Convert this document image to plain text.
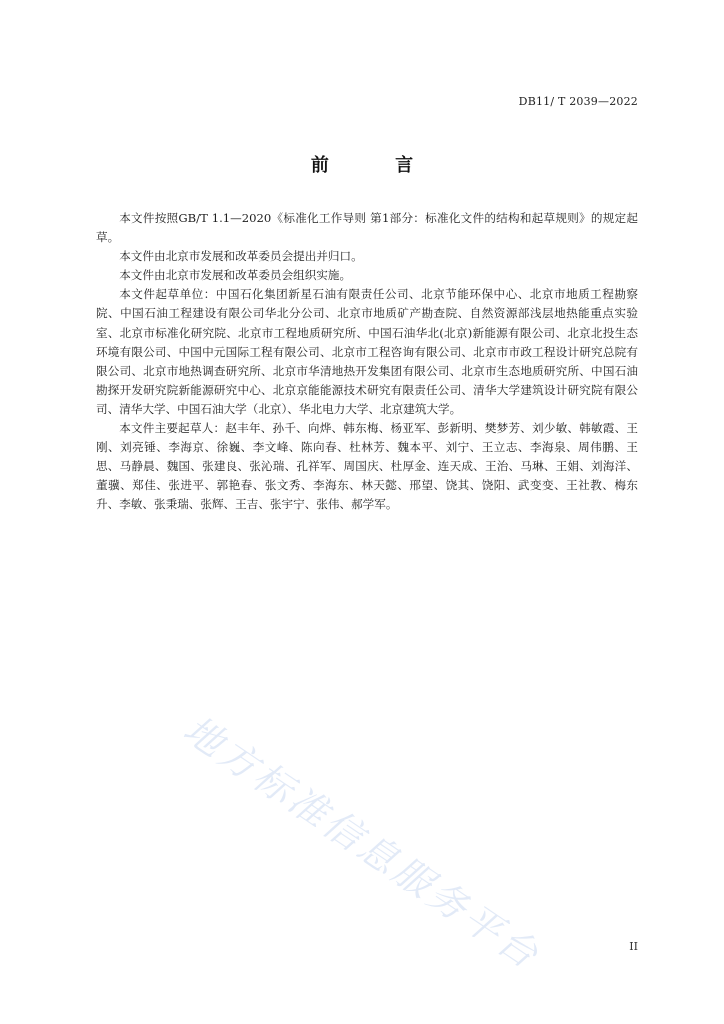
DB11/ T 2039—2022
前 言

本文件按照GB/T 1.1—2020《标准化工作导则 第1部分：标准化文件的结构和起草规则》的规定起草。

本文件由北京市发展和改革委员会提出并归口。

本文件由北京市发展和改革委员会组织实施。

本文件起草单位：中国石化集团新星石油有限责任公司、北京节能环保中心、北京市地质工程勘察院、中国石油工程建设有限公司华北分公司、北京市地质矿产勘查院、自然资源部浅层地热能重点实验室、北京市标准化研究院、北京市工程地质研究所、中国石油华北(北京)新能源有限公司、北京北投生态环境有限公司、中国中元国际工程有限公司、北京市工程咨询有限公司、北京市市政工程设计研究总院有限公司、北京市地热调查研究所、北京市华清地热开发集团有限公司、北京市生态地质研究所、中国石油勘探开发研究院新能源研究中心、北京京能能源技术研究有限责任公司、清华大学建筑设计研究院有限公司、清华大学、中国石油大学（北京）、华北电力大学、北京建筑大学。

本文件主要起草人：赵丰年、孙千、向烨、韩东梅、杨亚军、彭新明、樊梦芳、刘少敏、韩敏霞、王刚、刘亮锤、李海京、徐巍、李文峰、陈向春、杜林芳、魏本平、刘宁、王立志、李海泉、周伟鹏、王思、马静晨、魏国、张建良、张沁瑞、孔祥军、周国庆、杜厚金、连天成、王治、马琳、王娟、刘海洋、董骥、郑佳、张进平、郭艳春、张文秀、李海东、林天懿、邢望、饶其、饶阳、武变变、王社教、梅东升、李敏、张秉瑞、张辉、王吉、张宇宁、张伟、郝学军。

地方标准信息服务平台	II
